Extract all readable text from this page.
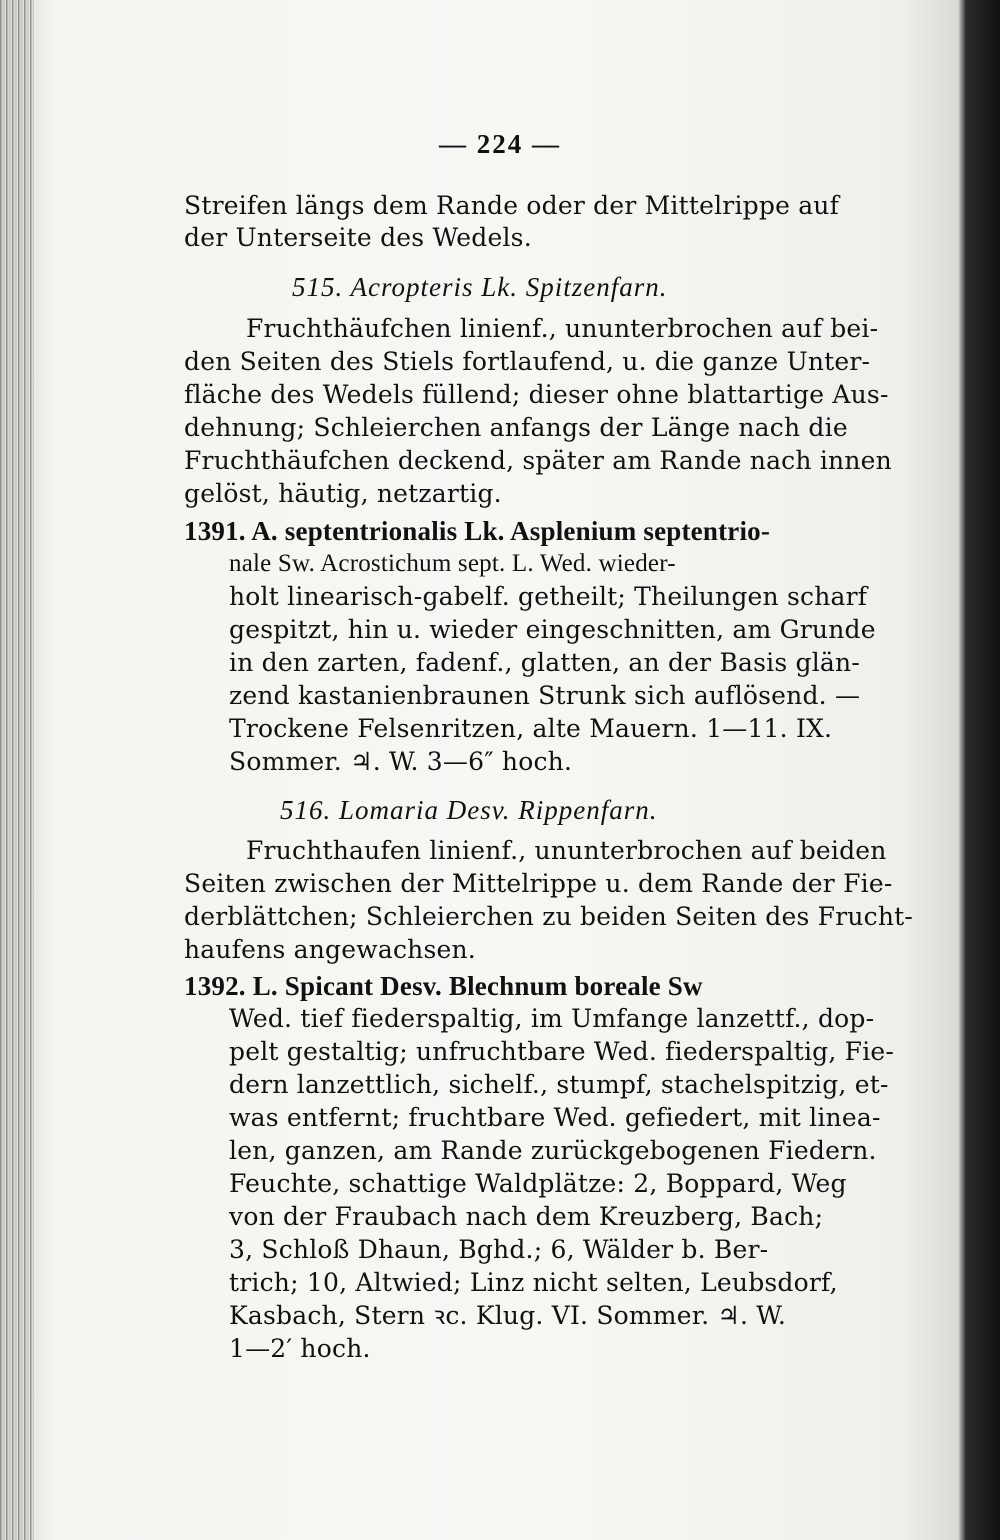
— 224 —
Streifen längs dem Rande oder der Mittelrippe auf
der Unterseite des Wedels.
515. Acropteris Lk. Spitzenfarn.
Fruchthäufchen linienf., ununterbrochen auf bei-
den Seiten des Stiels fortlaufend, u. die ganze Unter-
fläche des Wedels füllend; dieser ohne blattartige Aus-
dehnung; Schleierchen anfangs der Länge nach die
Fruchthäufchen deckend, später am Rande nach innen
gelöst, häutig, netzartig.
1391. A. septentrionalis Lk. Asplenium septentrio-
nale Sw. Acrostichum sept. L. Wed. wieder-
holt linearisch-gabelf. getheilt; Theilungen scharf
gespitzt, hin u. wieder eingeschnitten, am Grunde
in den zarten, fadenf., glatten, an der Basis glän-
zend kastanienbraunen Strunk sich auflösend. —
Trockene Felsenritzen, alte Mauern. 1—11. IX.
Sommer. ♃. W. 3—6″ hoch.
516. Lomaria Desv. Rippenfarn.
Fruchthaufen linienf., ununterbrochen auf beiden
Seiten zwischen der Mittelrippe u. dem Rande der Fie-
derblättchen; Schleierchen zu beiden Seiten des Frucht-
haufens angewachsen.
1392. L. Spicant Desv. Blechnum boreale Sw
Wed. tief fiederspaltig, im Umfange lanzettf., dop-
pelt gestaltig; unfruchtbare Wed. fiederspaltig, Fie-
dern lanzettlich, sichelf., stumpf, stachelspitzig, et-
was entfernt; fruchtbare Wed. gefiedert, mit linea-
len, ganzen, am Rande zurückgebogenen Fiedern.
Feuchte, schattige Waldplätze: 2, Boppard, Weg
von der Fraubach nach dem Kreuzberg, Bach;
3, Schloß Dhaun, Bghd.; 6, Wälder b. Ber-
trich; 10, Altwied; Linz nicht selten, Leubsdorf,
Kasbach, Stern ꝛc. Klug. VI. Sommer. ♃. W.
1—2′ hoch.
